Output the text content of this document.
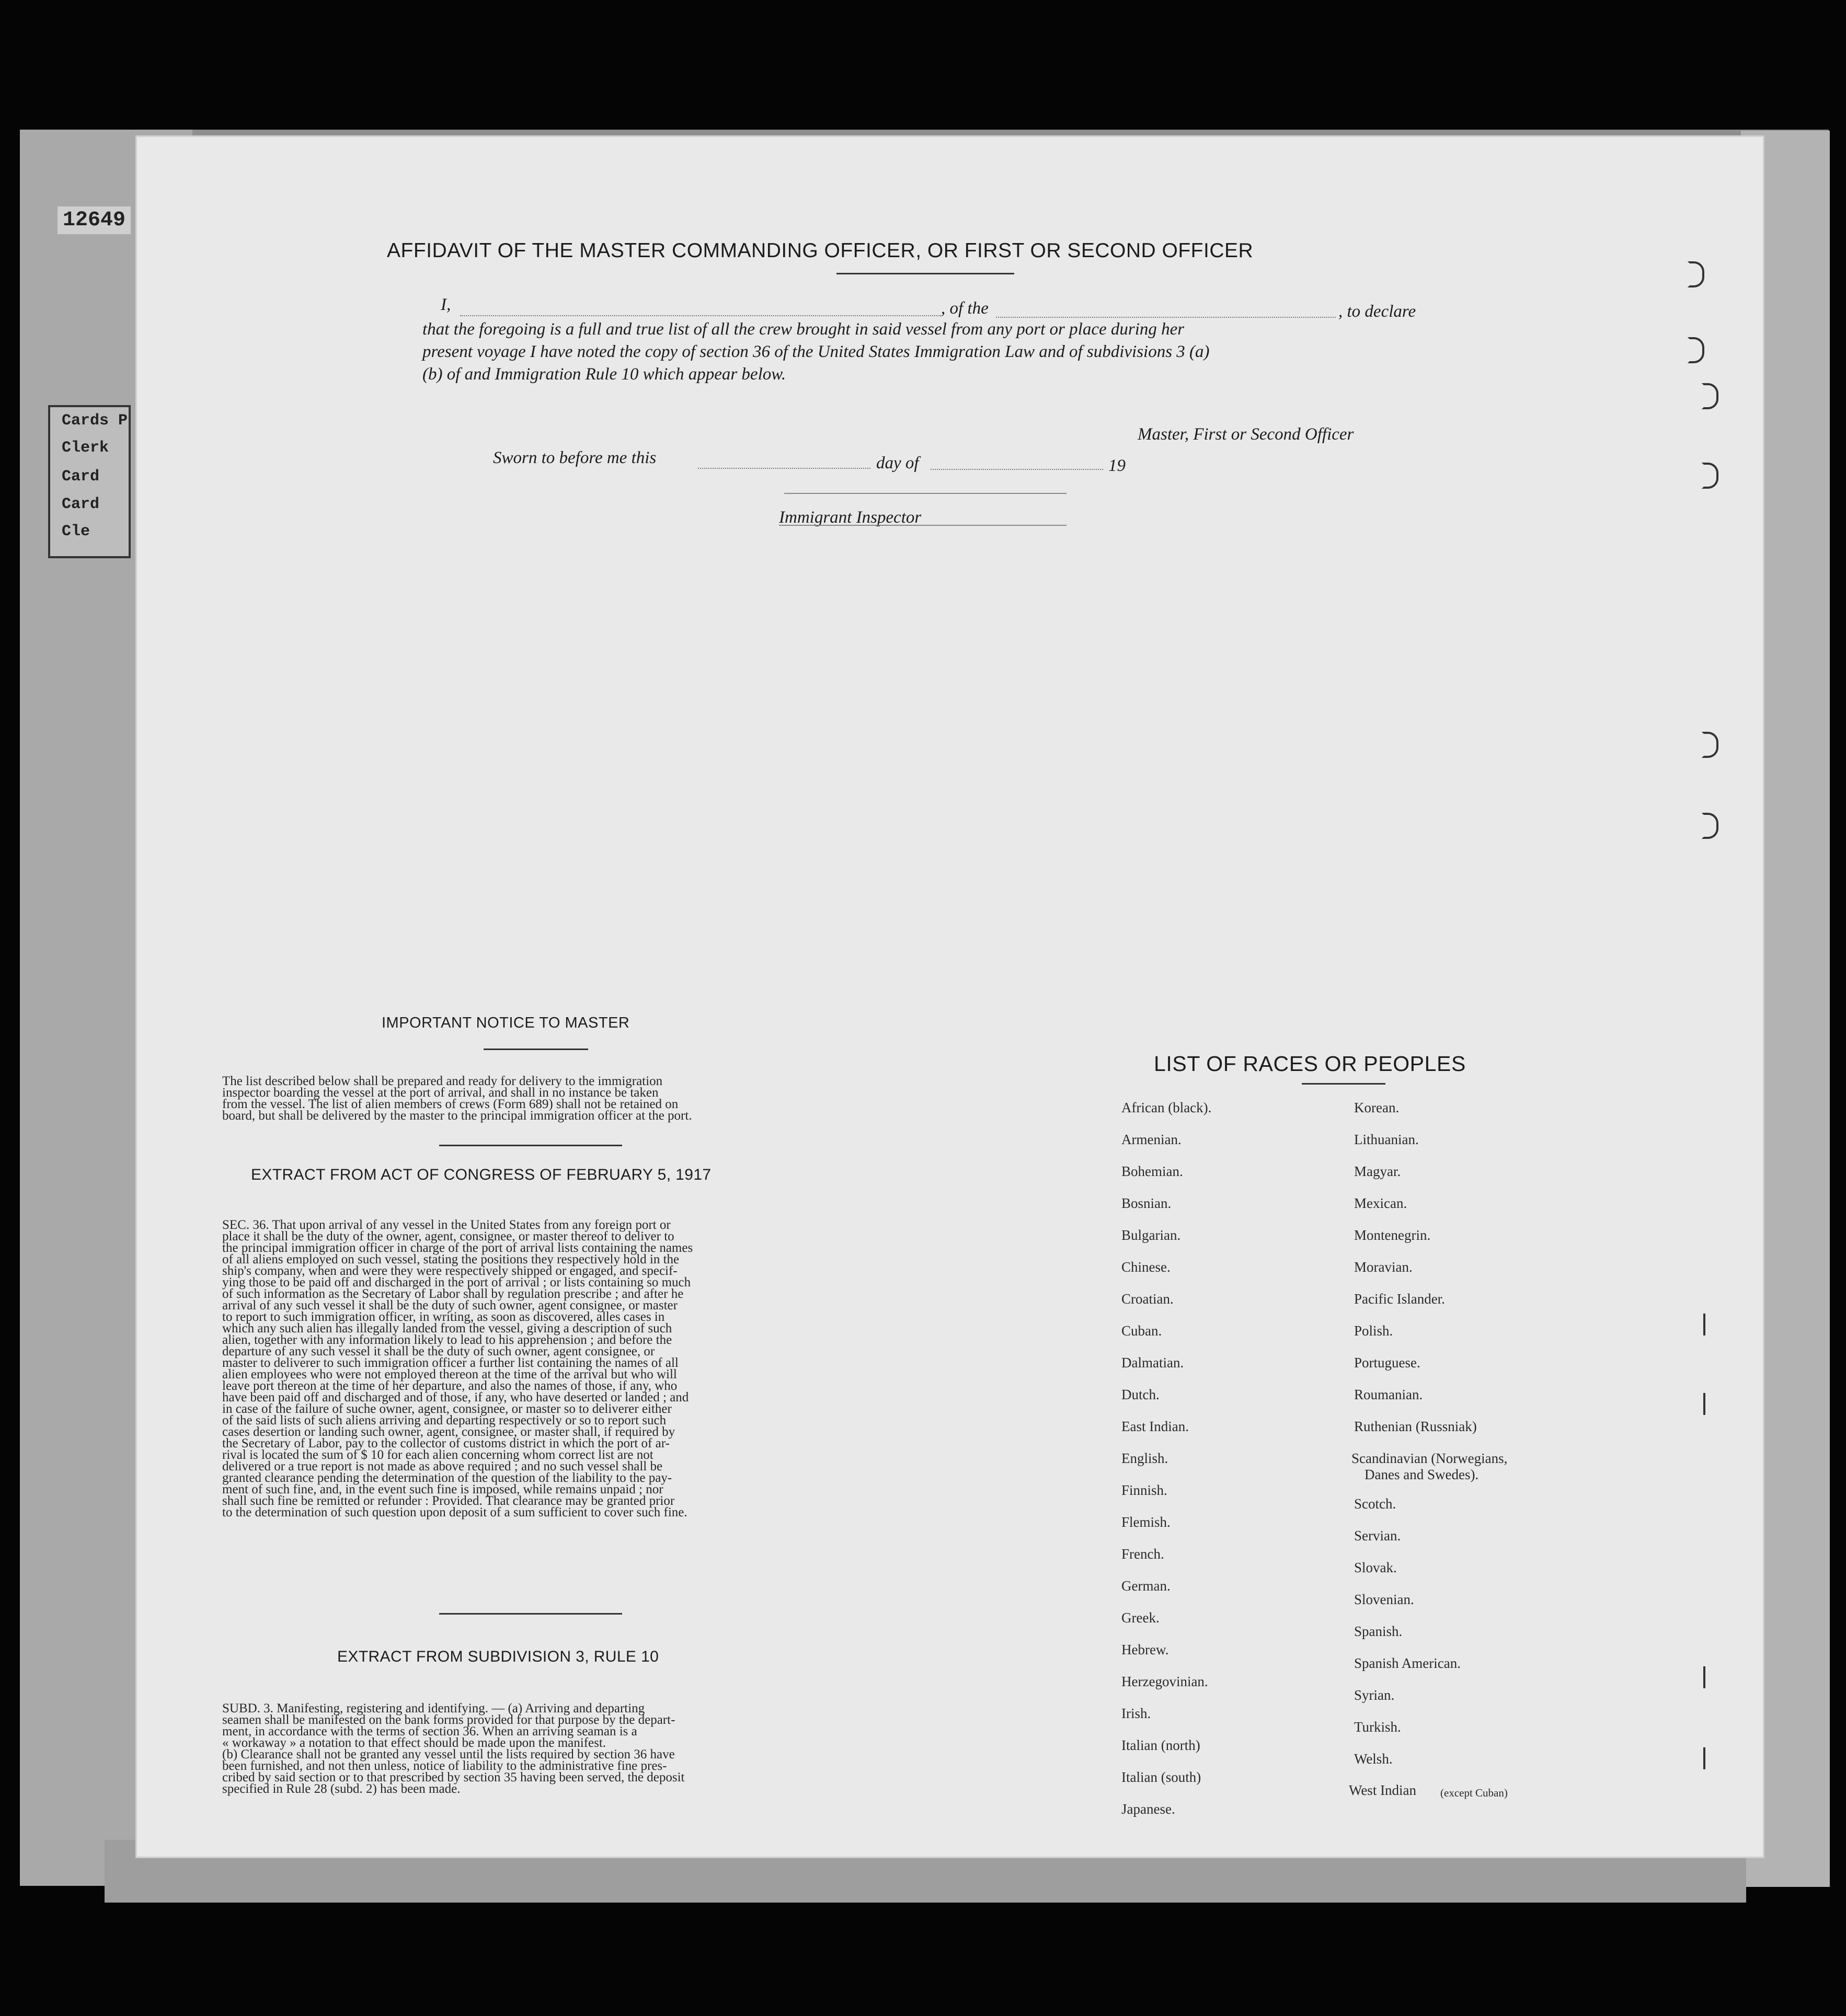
12649
Cards P
Clerk
Card
Card
Cle
AFFIDAVIT OF THE MASTER COMMANDING OFFICER, OR FIRST OR SECOND OFFICER
I,	, of the	, to declare
that the foregoing is a full and true list of all the crew brought in said vessel from any port or place during her
present voyage I have noted the copy of section 36 of the United States Immigration Law and of subdivisions 3 (a)
(b) of and Immigration Rule 10 which appear below.
Master, First or Second Officer
Sworn to before me this	day of	19
Immigrant Inspector
IMPORTANT NOTICE TO MASTER
The list described below shall be prepared and ready for delivery to the immigration
inspector boarding the vessel at the port of arrival, and shall in no instance be taken
from the vessel. The list of alien members of crews (Form 689) shall not be retained on
board, but shall be delivered by the master to the principal immigration officer at the port.
EXTRACT FROM ACT OF CONGRESS OF FEBRUARY 5, 1917
SEC. 36. That upon arrival of any vessel in the United States from any foreign port or
place it shall be the duty of the owner, agent, consignee, or master thereof to deliver to
the principal immigration officer in charge of the port of arrival lists containing the names
of all aliens employed on such vessel, stating the positions they respectively hold in the
ship's company, when and were they were respectively shipped or engaged, and specif-
ying those to be paid off and discharged in the port of arrival ; or lists containing so much
of such information as the Secretary of Labor shall by regulation prescribe ; and after he
arrival of any such vessel it shall be the duty of such owner, agent consignee, or master
to report to such immigration officer, in writing, as soon as discovered, alles cases in
which any such alien has illegally landed from the vessel, giving a description of such
alien, together with any information likely to lead to his apprehension ; and before the
departure of any such vessel it shall be the duty of such owner, agent consignee, or
master to deliverer to such immigration officer a further list containing the names of all
alien employees who were not employed thereon at the time of the arrival but who will
leave port thereon at the time of her departure, and also the names of those, if any, who
have been paid off and discharged and of those, if any, who have deserted or landed ; and
in case of the failure of suche owner, agent, consignee, or master so to deliverer either
of the said lists of such aliens arriving and departing respectively or so to report such
cases desertion or landing such owner, agent, consignee, or master shall, if required by
the Secretary of Labor, pay to the collector of customs district in which the port of ar-
rival is located the sum of $ 10 for each alien concerning whom correct list are not
delivered or a true report is not made as above required ; and no such vessel shall be
granted clearance pending the determination of the question of the liability to the pay-
ment of such fine, and, in the event such fine is imposed, while remains unpaid ; nor
shall such fine be remitted or refunder : Provided. That clearance may be granted prior
to the determination of such question upon deposit of a sum sufficient to cover such fine.
EXTRACT FROM SUBDIVISION 3, RULE 10
SUBD. 3. Manifesting, registering and identifying. — (a) Arriving and departing
seamen shall be manifested on the bank forms provided for that purpose by the depart-
ment, in accordance with the terms of section 36. When an arriving seaman is a
« workaway » a notation to that effect should be made upon the manifest.
(b) Clearance shall not be granted any vessel until the lists required by section 36 have
been furnished, and not then unless, notice of liability to the administrative fine pres-
cribed by said section or to that prescribed by section 35 having been served, the deposit
specified in Rule 28 (subd. 2) has been made.
LIST OF RACES OR PEOPLES
African (black).
Armenian.
Bohemian.
Bosnian.
Bulgarian.
Chinese.
Croatian.
Cuban.
Dalmatian.
Dutch.
East Indian.
English.
Finnish.
Flemish.
French.
German.
Greek.
Hebrew.
Herzegovinian.
Irish.
Italian (north)
Italian (south)
Japanese.
Korean.
Lithuanian.
Magyar.
Mexican.
Montenegrin.
Moravian.
Pacific Islander.
Polish.
Portuguese.
Roumanian.
Ruthenian (Russniak)
Scandinavian (Norwegians,
Danes and Swedes).
Scotch.
Servian.
Slovak.
Slovenian.
Spanish.
Spanish American.
Syrian.
Turkish.
Welsh.
West Indian (except Cuban)
